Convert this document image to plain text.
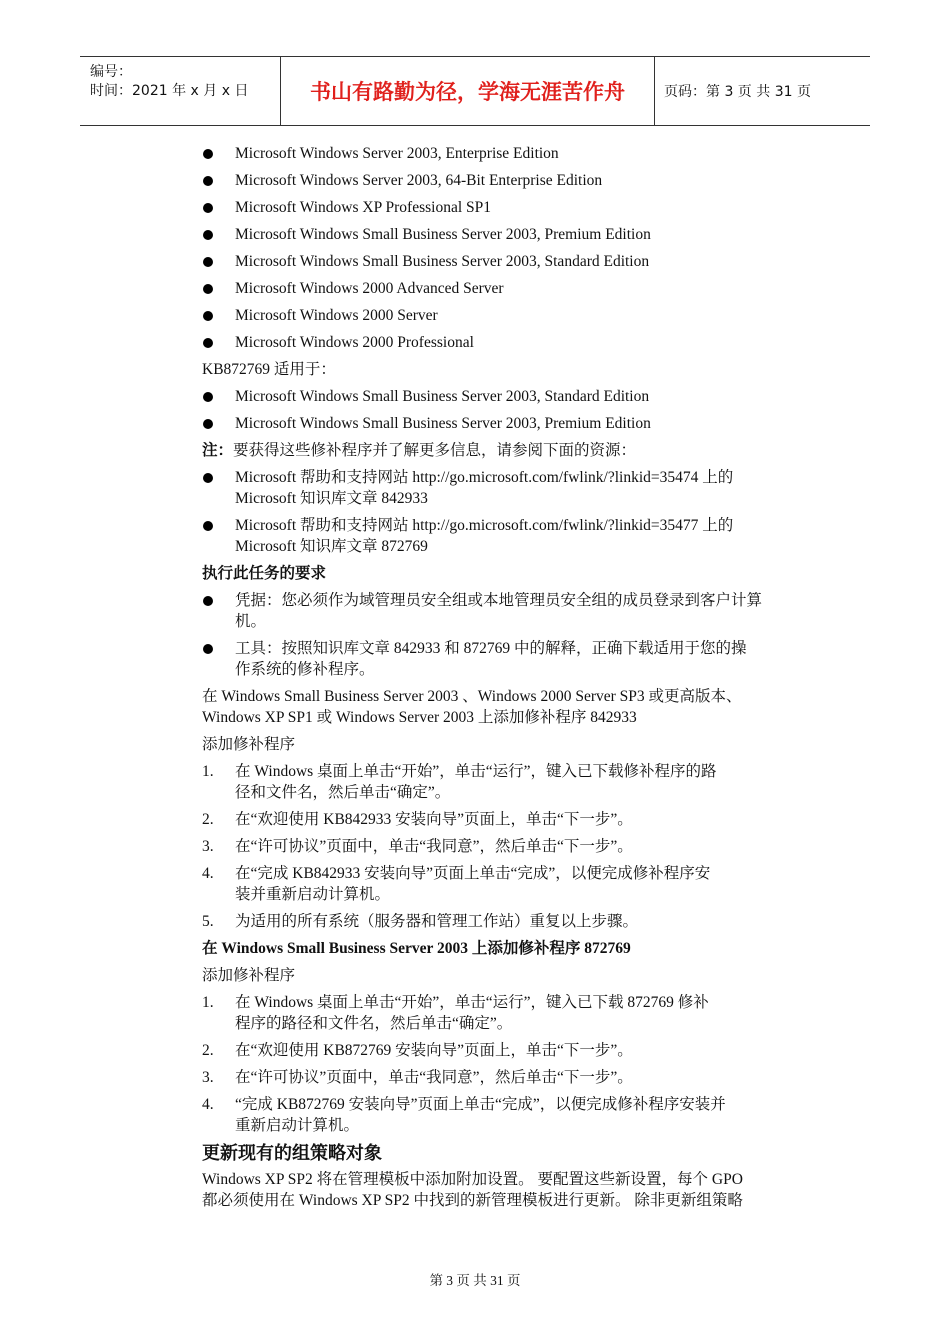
编号：
时间：2021 年 x 月 x 日	书山有路勤为径，学海无涯苦作舟	页码：第 3 页 共 31 页
Microsoft Windows Server 2003, Enterprise Edition
Microsoft Windows Server 2003, 64-Bit Enterprise Edition
Microsoft Windows XP Professional SP1
Microsoft Windows Small Business Server 2003, Premium Edition
Microsoft Windows Small Business Server 2003, Standard Edition
Microsoft Windows 2000 Advanced Server
Microsoft Windows 2000 Server
Microsoft Windows 2000 Professional
KB872769 适用于：
Microsoft Windows Small Business Server 2003, Standard Edition
Microsoft Windows Small Business Server 2003, Premium Edition
注：要获得这些修补程序并了解更多信息，请参阅下面的资源：
Microsoft 帮助和支持网站 http://go.microsoft.com/fwlink/?linkid=35474 上的
Microsoft 知识库文章 842933
Microsoft 帮助和支持网站 http://go.microsoft.com/fwlink/?linkid=35477 上的
Microsoft 知识库文章 872769
执行此任务的要求
凭据：您必须作为域管理员安全组或本地管理员安全组的成员登录到客户计算
机。
工具：按照知识库文章 842933 和 872769 中的解释，正确下载适用于您的操
作系统的修补程序。
在 Windows Small Business Server 2003 、Windows 2000 Server SP3 或更高版本、
Windows XP SP1 或 Windows Server 2003 上添加修补程序 842933
添加修补程序
1. 在 Windows 桌面上单击“开始”，单击“运行”，键入已下载修补程序的路
径和文件名，然后单击“确定”。
2. 在“欢迎使用 KB842933 安装向导”页面上，单击“下一步”。
3. 在“许可协议”页面中，单击“我同意”，然后单击“下一步”。
4. 在“完成 KB842933 安装向导”页面上单击“完成”，以便完成修补程序安
装并重新启动计算机。
5. 为适用的所有系统（服务器和管理工作站）重复以上步骤。
在 Windows Small Business Server 2003 上添加修补程序 872769
添加修补程序
1. 在 Windows 桌面上单击“开始”，单击“运行”，键入已下载 872769 修补
程序的路径和文件名，然后单击“确定”。
2. 在“欢迎使用 KB872769 安装向导”页面上，单击“下一步”。
3. 在“许可协议”页面中，单击“我同意”，然后单击“下一步”。
4. “完成 KB872769 安装向导”页面上单击“完成”，以便完成修补程序安装并
重新启动计算机。
更新现有的组策略对象
Windows XP SP2 将在管理模板中添加附加设置。 要配置这些新设置，每个 GPO
都必须使用在 Windows XP SP2 中找到的新管理模板进行更新。 除非更新组策略
第 3 页 共 31 页
